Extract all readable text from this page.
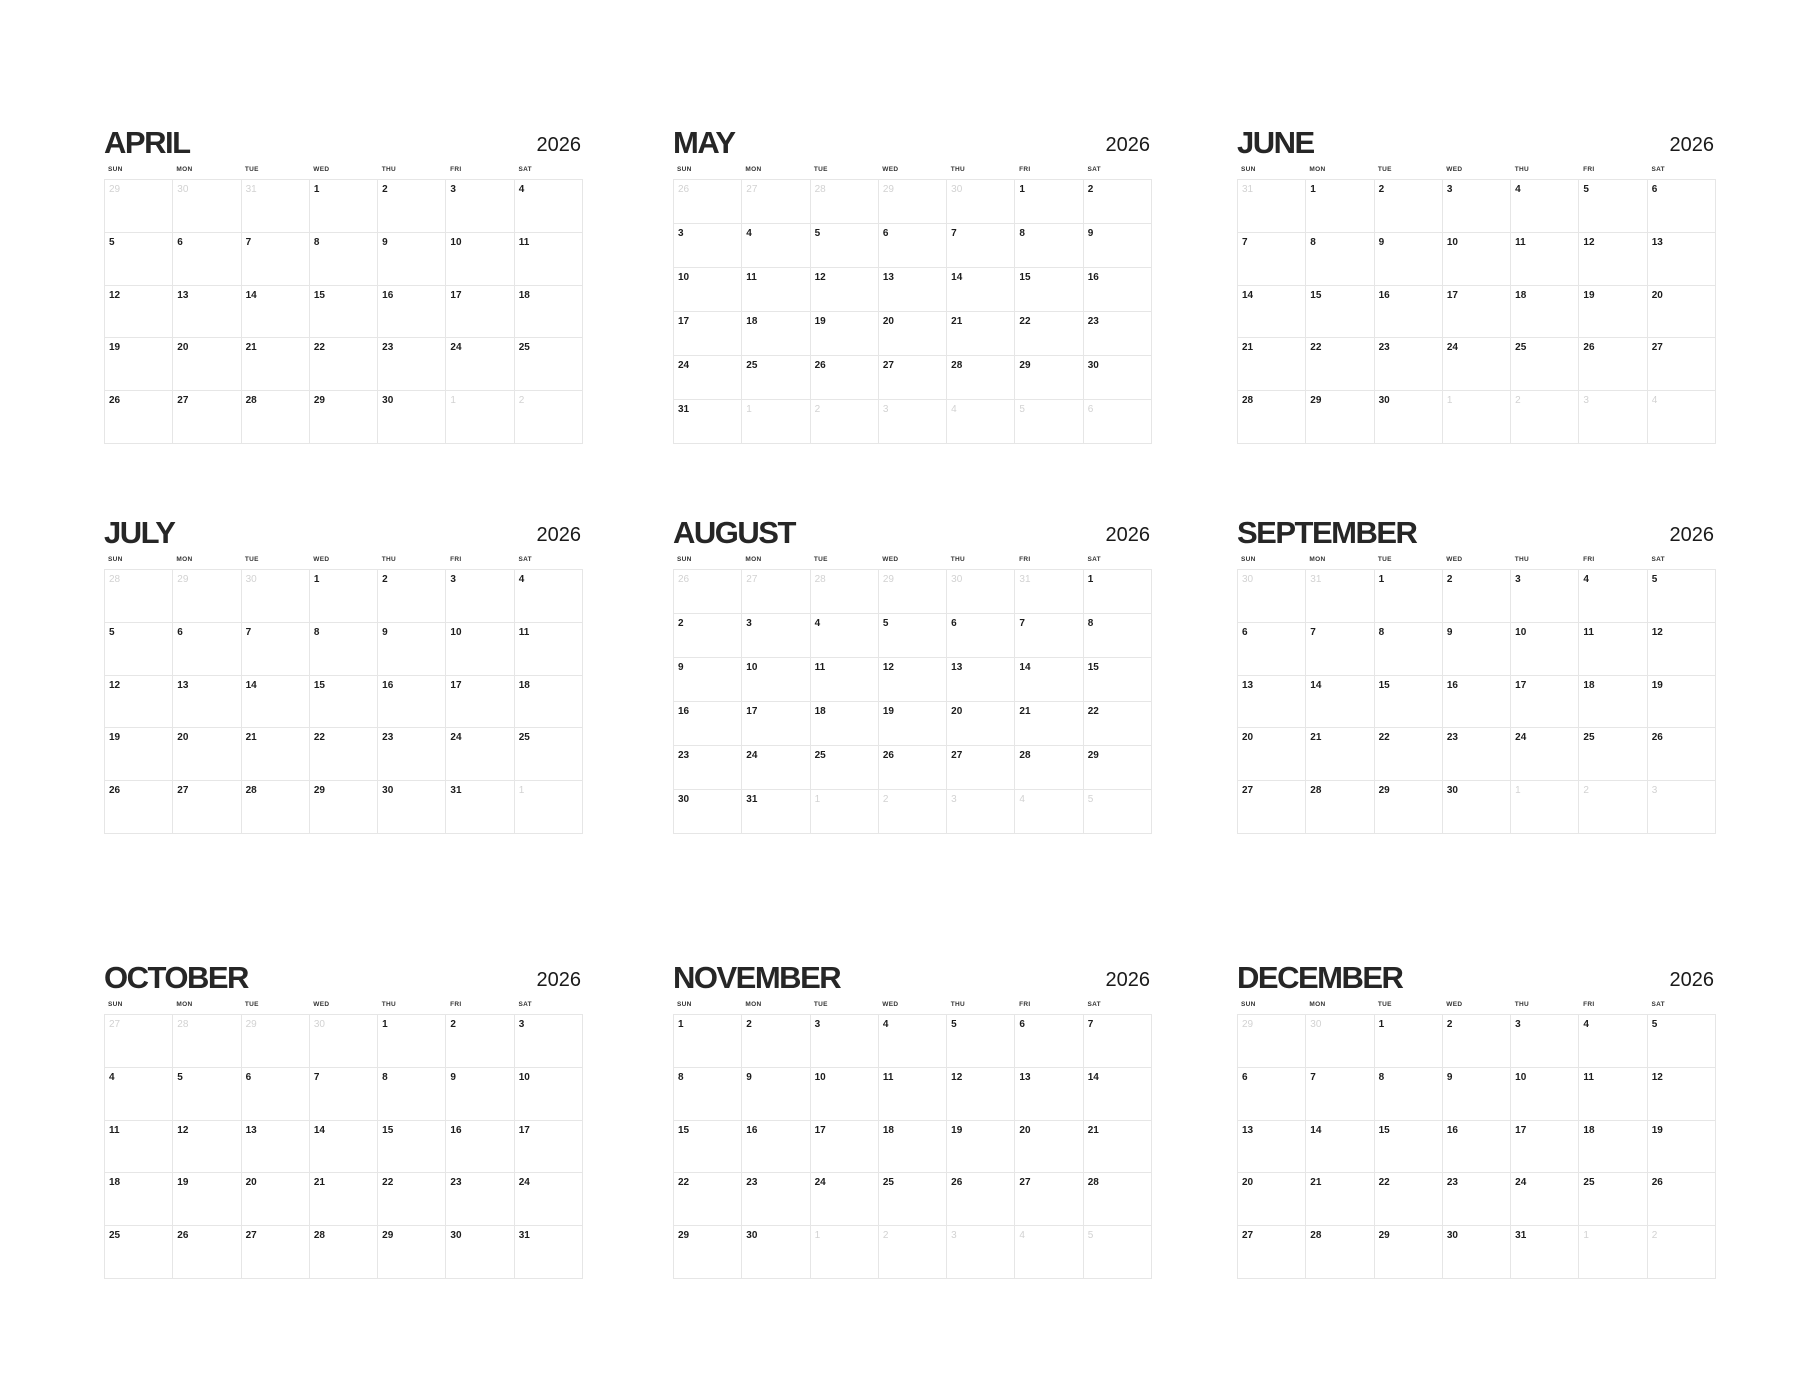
APRIL	2026
SUN	MON	TUE	WED	THU	FRI	SAT
29	30	31	1	2	3	4
5	6	7	8	9	10	11
12	13	14	15	16	17	18
19	20	21	22	23	24	25
26	27	28	29	30	1	2
MAY	2026
SUN	MON	TUE	WED	THU	FRI	SAT
26	27	28	29	30	1	2
3	4	5	6	7	8	9
10	11	12	13	14	15	16
17	18	19	20	21	22	23
24	25	26	27	28	29	30
31	1	2	3	4	5	6
JUNE	2026
SUN	MON	TUE	WED	THU	FRI	SAT
31	1	2	3	4	5	6
7	8	9	10	11	12	13
14	15	16	17	18	19	20
21	22	23	24	25	26	27
28	29	30	1	2	3	4
JULY	2026
SUN	MON	TUE	WED	THU	FRI	SAT
28	29	30	1	2	3	4
5	6	7	8	9	10	11
12	13	14	15	16	17	18
19	20	21	22	23	24	25
26	27	28	29	30	31	1
AUGUST	2026
SUN	MON	TUE	WED	THU	FRI	SAT
26	27	28	29	30	31	1
2	3	4	5	6	7	8
9	10	11	12	13	14	15
16	17	18	19	20	21	22
23	24	25	26	27	28	29
30	31	1	2	3	4	5
SEPTEMBER	2026
SUN	MON	TUE	WED	THU	FRI	SAT
30	31	1	2	3	4	5
6	7	8	9	10	11	12
13	14	15	16	17	18	19
20	21	22	23	24	25	26
27	28	29	30	1	2	3
OCTOBER	2026
SUN	MON	TUE	WED	THU	FRI	SAT
27	28	29	30	1	2	3
4	5	6	7	8	9	10
11	12	13	14	15	16	17
18	19	20	21	22	23	24
25	26	27	28	29	30	31
NOVEMBER	2026
SUN	MON	TUE	WED	THU	FRI	SAT
1	2	3	4	5	6	7
8	9	10	11	12	13	14
15	16	17	18	19	20	21
22	23	24	25	26	27	28
29	30	1	2	3	4	5
DECEMBER	2026
SUN	MON	TUE	WED	THU	FRI	SAT
29	30	1	2	3	4	5
6	7	8	9	10	11	12
13	14	15	16	17	18	19
20	21	22	23	24	25	26
27	28	29	30	31	1	2
